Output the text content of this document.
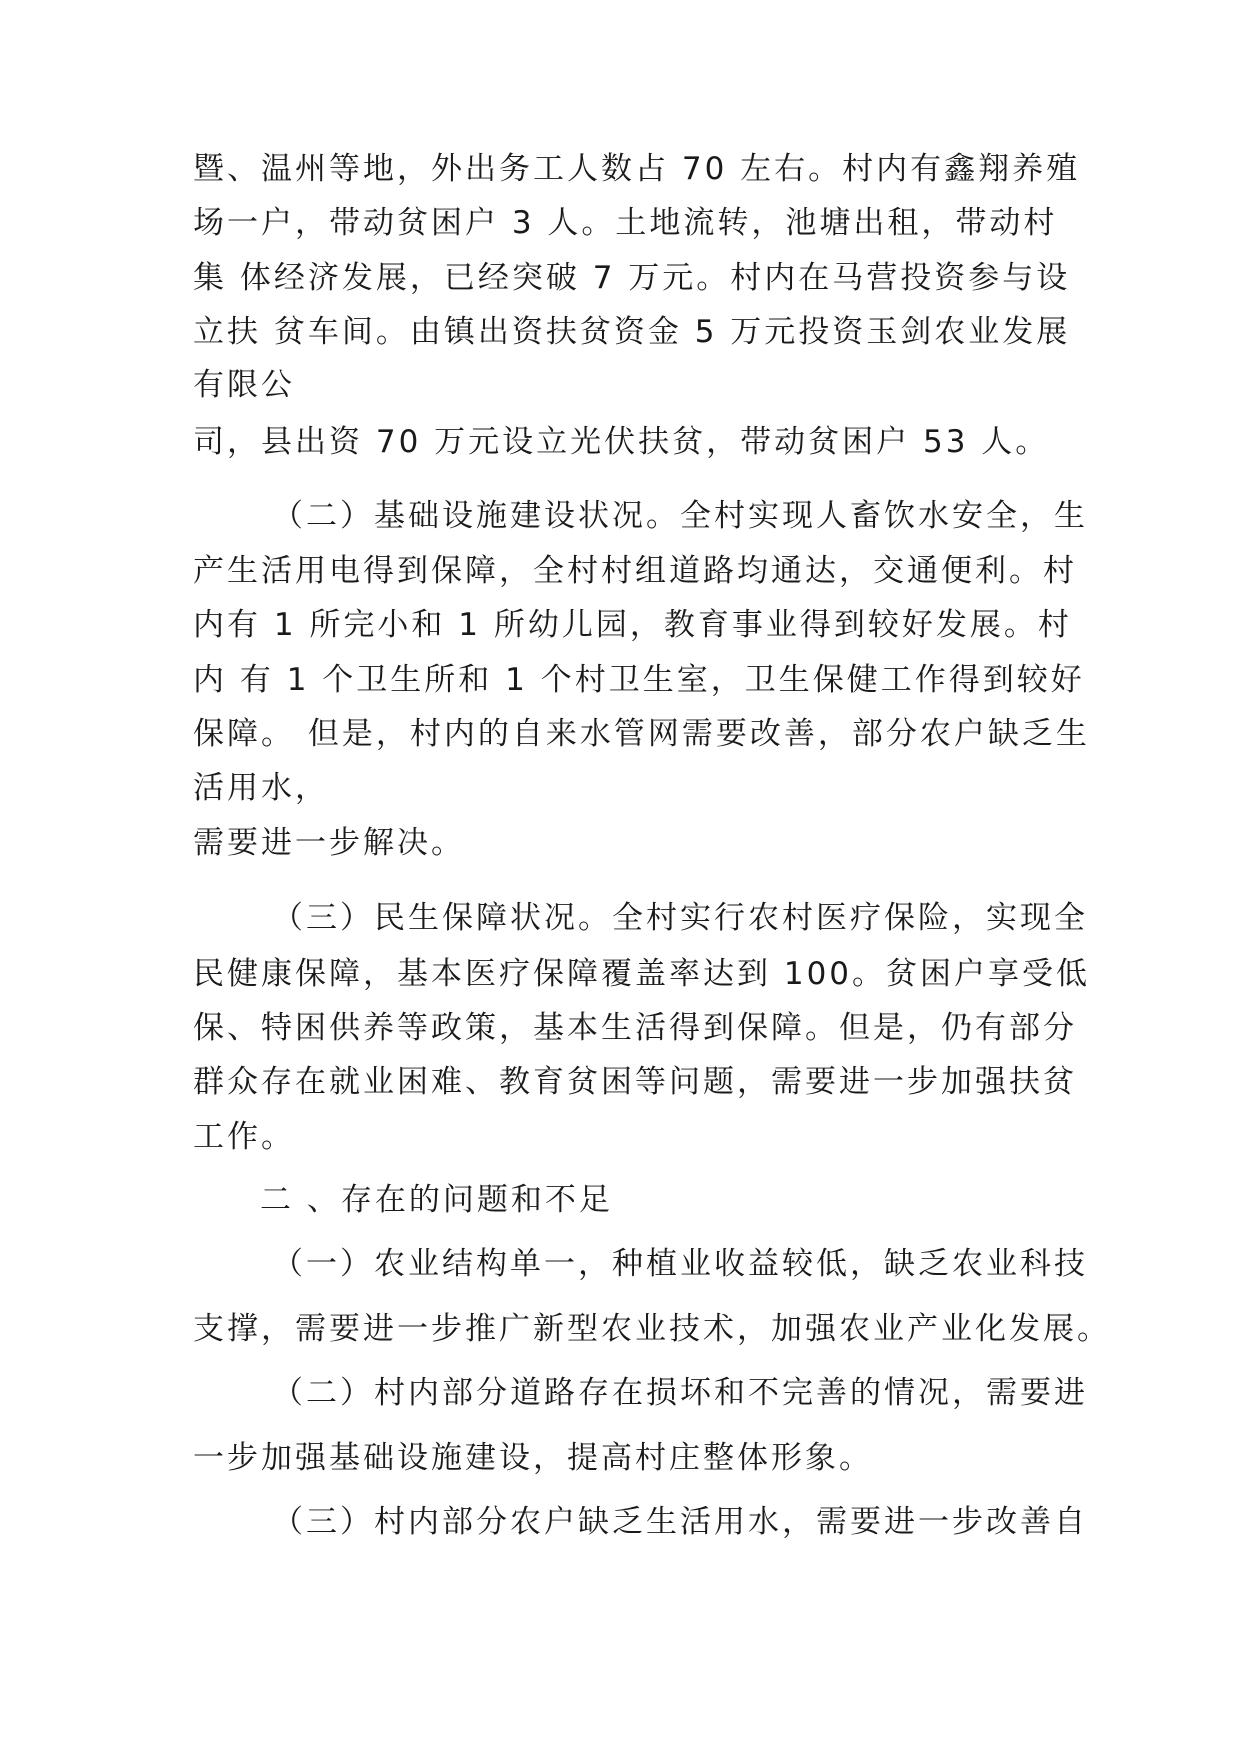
暨、温州等地，外出务工人数占 70 左右。村内有鑫翔养殖
场一户，带动贫困户 3 人。土地流转，池塘出租，带动村
集 体经济发展，已经突破 7 万元。村内在马营投资参与设
立扶 贫车间。由镇出资扶贫资金 5 万元投资玉剑农业发展
有限公
司，县出资 70 万元设立光伏扶贫，带动贫困户 53 人。
（二）基础设施建设状况。全村实现人畜饮水安全，生
产生活用电得到保障，全村村组道路均通达，交通便利。村
内有 1 所完小和 1 所幼儿园，教育事业得到较好发展。村
内 有 1 个卫生所和 1 个村卫生室，卫生保健工作得到较好
保障。 但是，村内的自来水管网需要改善，部分农户缺乏生
活用水，
需要进一步解决。
（三）民生保障状况。全村实行农村医疗保险，实现全
民健康保障，基本医疗保障覆盖率达到 100。贫困户享受低
保、特困供养等政策，基本生活得到保障。但是，仍有部分
群众存在就业困难、教育贫困等问题，需要进一步加强扶贫
工作。
二 、存在的问题和不足
（一）农业结构单一，种植业收益较低，缺乏农业科技
支撑，需要进一步推广新型农业技术，加强农业产业化发展。
（二）村内部分道路存在损坏和不完善的情况，需要进
一步加强基础设施建设，提高村庄整体形象。
（三）村内部分农户缺乏生活用水，需要进一步改善自
